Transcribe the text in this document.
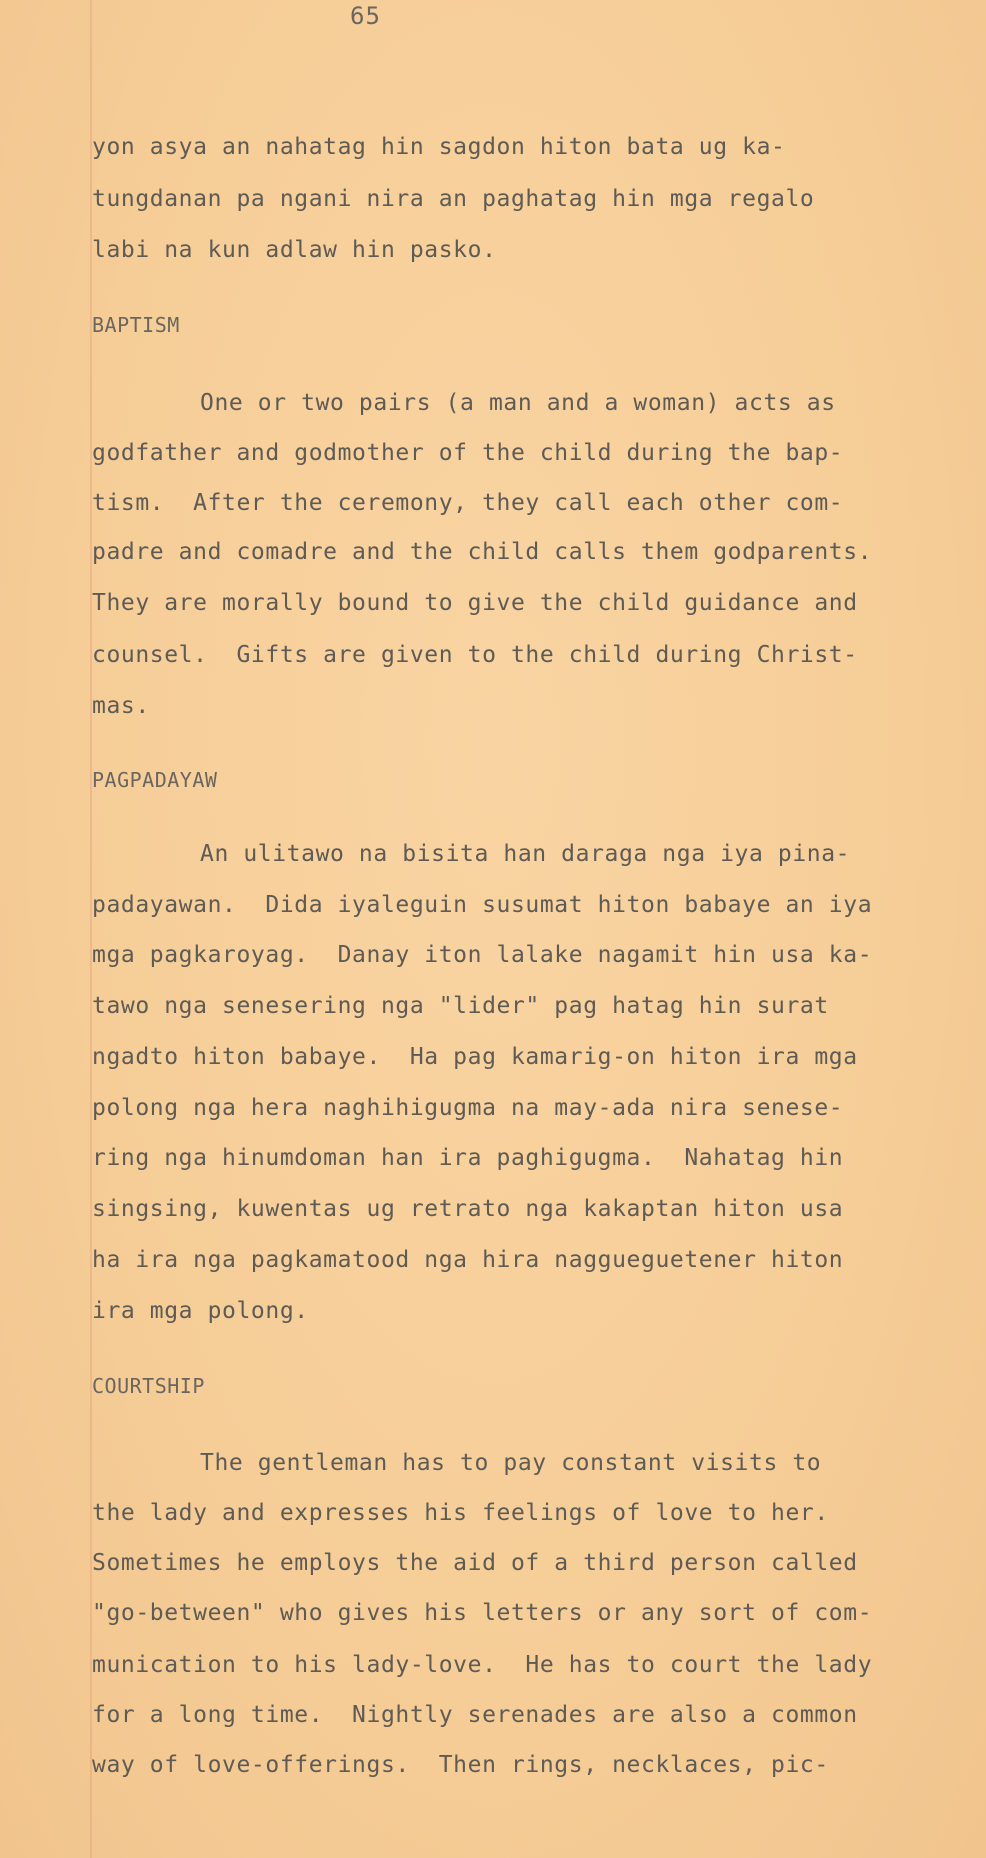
65
yon asya an nahatag hin sagdon hiton bata ug ka-
tungdanan pa ngani nira an paghatag hin mga regalo
labi na kun adlaw hin pasko.
BAPTISM
One or two pairs (a man and a woman) acts as
godfather and godmother of the child during the bap-
tism.  After the ceremony, they call each other com-
padre and comadre and the child calls them godparents.
They are morally bound to give the child guidance and
counsel.  Gifts are given to the child during Christ-
mas.
PAGPADAYAW
An ulitawo na bisita han daraga nga iya pina-
padayawan.  Dida iyaleguin susumat hiton babaye an iya
mga pagkaroyag.  Danay iton lalake nagamit hin usa ka-
tawo nga senesering nga "lider" pag hatag hin surat
ngadto hiton babaye.  Ha pag kamarig-on hiton ira mga
polong nga hera naghihigugma na may-ada nira senese-
ring nga hinumdoman han ira paghigugma.  Nahatag hin
singsing, kuwentas ug retrato nga kakaptan hiton usa
ha ira nga pagkamatood nga hira naggueguetener hiton
ira mga polong.
COURTSHIP
The gentleman has to pay constant visits to
the lady and expresses his feelings of love to her.
Sometimes he employs the aid of a third person called
"go-between" who gives his letters or any sort of com-
munication to his lady-love.  He has to court the lady
for a long time.  Nightly serenades are also a common
way of love-offerings.  Then rings, necklaces, pic-
